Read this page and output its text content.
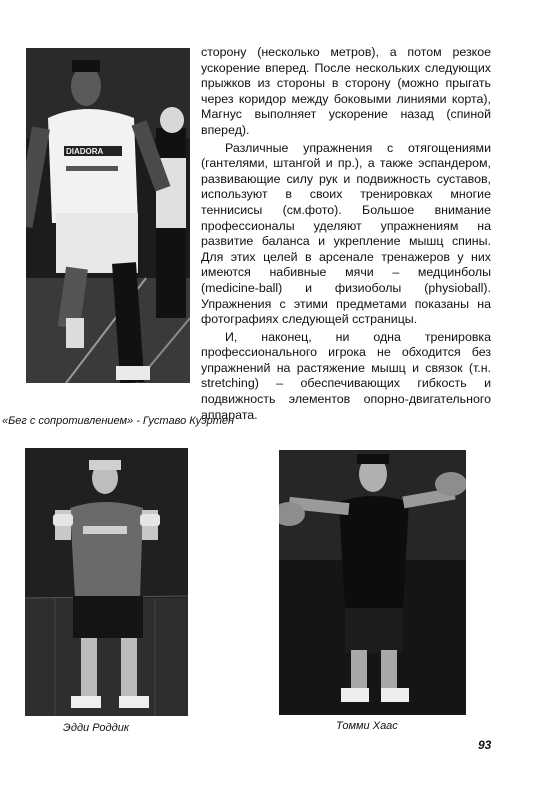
DIADORA

сторону (несколько метров), а потом резкое ускорение вперед. После нескольких следующих прыжков из стороны в сторону (можно прыгать через коридор между боковыми линиями корта), Магнус выполняет ускорение назад (спиной вперед).

Различные упражнения с отягощениями (гантелями, штангой и пр.), а также эспандером, развивающие силу рук и подвижность суставов, используют в своих тренировках многие теннисисы (см.фото). Большое внимание профессионалы уделяют упражнениям на развитие баланса и укрепление мышц спины. Для этих целей в арсенале тренажеров у них имеются набивные мячи – медцинболы (medicine-ball) и физиоболы (physioball). Упражнения с этими предметами показаны на фотографиях следующей сстраницы.

И, наконец, ни одна тренировка профессионального игрока не обходится без упражнений на растяжение мышц и связок (т.н. stretching) – обеспечивающих гибкость и подвижность элементов опорно-двигательного аппарата.

«Бег с сопротивлением» - Густаво Куэртен
Эдди Роддик	Томми Хаас
93
